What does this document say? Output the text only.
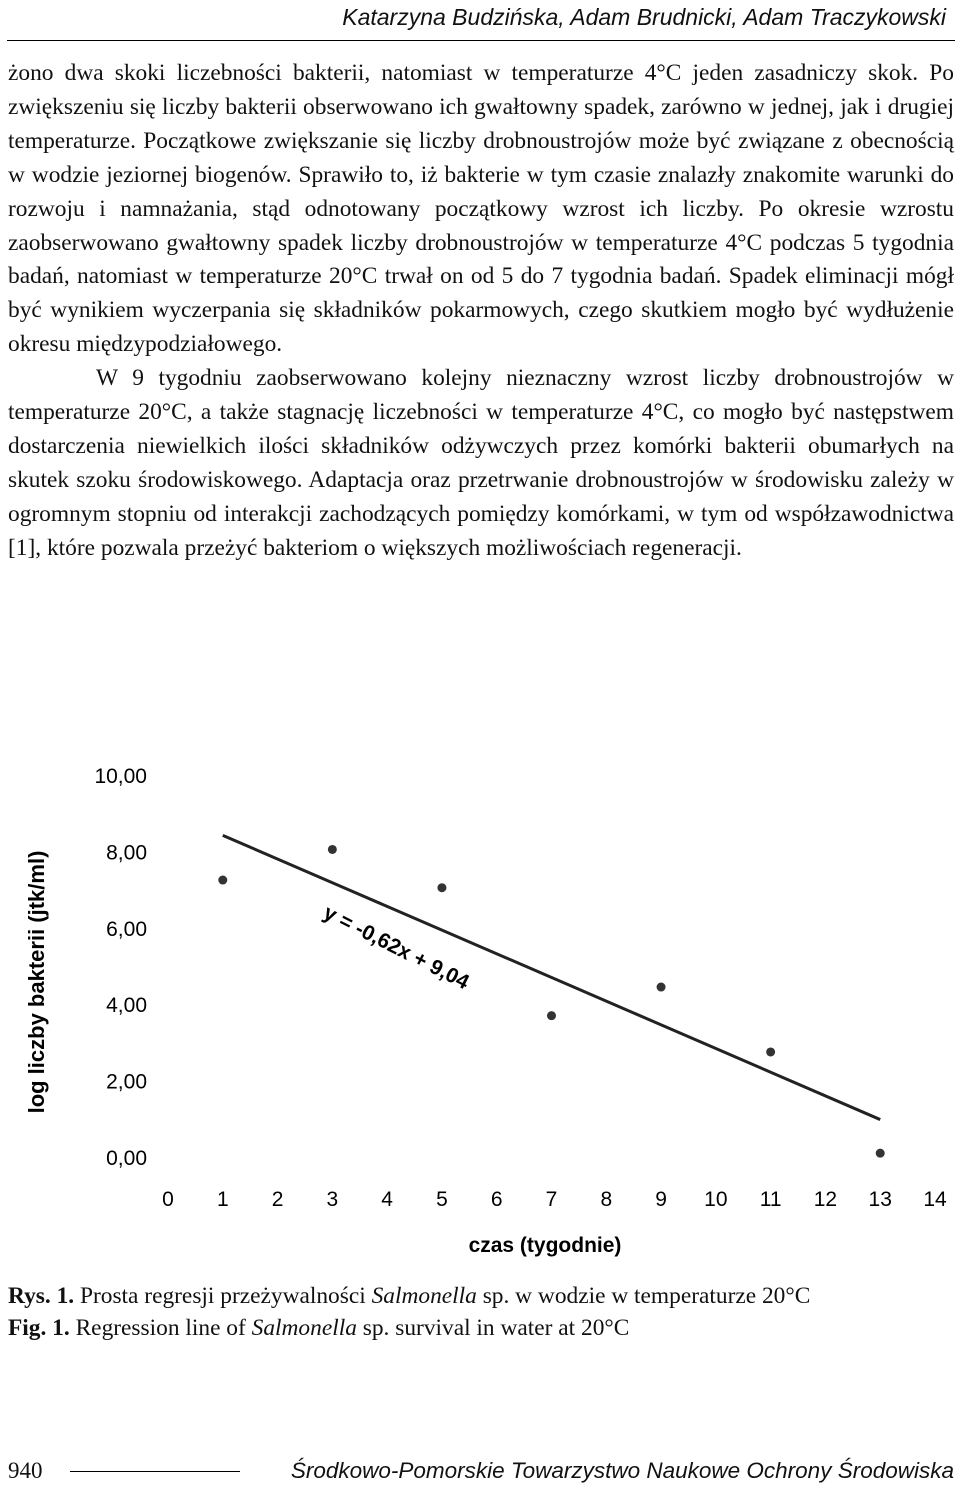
Katarzyna Budzińska, Adam Brudnicki, Adam Traczykowski

żono dwa skoki liczebności bakterii, natomiast w temperaturze 4°C jeden zasadniczy skok. Po zwiększeniu się liczby bakterii obserwowano ich gwałtowny spadek, zarówno w jednej, jak i drugiej temperaturze. Początkowe zwiększanie się liczby drobnoustrojów może być związane z obecnością w wodzie jeziornej biogenów. Sprawiło to, iż bakterie w tym czasie znalazły znakomite warunki do rozwoju i namnażania, stąd odnotowany początkowy wzrost ich liczby. Po okresie wzrostu zaobserwowano gwałtowny spadek liczby drobnoustrojów w temperaturze 4°C podczas 5 tygodnia badań, natomiast w temperaturze 20°C trwał on od 5 do 7 tygodnia badań. Spadek eliminacji mógł być wynikiem wyczerpania się składników pokarmowych, czego skutkiem mogło być wydłużenie okresu międzypodziałowego.

W 9 tygodniu zaobserwowano kolejny nieznaczny wzrost liczby drobnoustrojów w temperaturze 20°C, a także stagnację liczebności w temperaturze 4°C, co mogło być następstwem dostarczenia niewielkich ilości składników odżywczych przez komórki bakterii obumarłych na skutek szoku środowiskowego. Adaptacja oraz przetrwanie drobnoustrojów w środowisku zależy w ogromnym stopniu od interakcji zachodzących pomiędzy komórkami, w tym od współzawodnictwa [1], które pozwala przeżyć bakteriom o większych możliwościach regeneracji.

0,00
2,00
4,00
6,00
8,00
10,00
0 1 2 3 4 5 6 7 8 9 10 11 12 13 14
y = -0,62x + 9,04
log liczby bakterii (jtk/ml)
czas (tygodnie)
Rys. 1. Prosta regresji przeżywalności Salmonella sp. w wodzie w temperaturze 20°C
Fig. 1. Regression line of Salmonella sp. survival in water at 20°C
940	Środkowo-Pomorskie Towarzystwo Naukowe Ochrony Środowiska
